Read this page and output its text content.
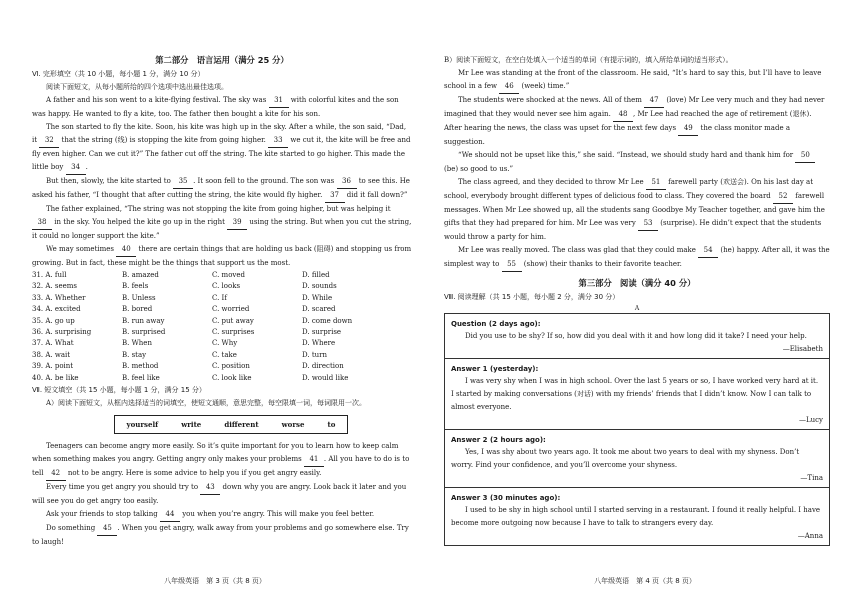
第二部分　语言运用（满分 25 分）

Ⅵ. 完形填空（共 10 小题，每小题 1 分，满分 10 分）

阅读下面短文，从每小题所给的四个选项中选出最佳选项。

A father and his son went to a kite-flying festival. The sky was 31 with colorful kites and the son was happy. He wanted to fly a kite, too. The father then bought a kite for his son.

The son started to fly the kite. Soon, his kite was high up in the sky. After a while, the son said, “Dad, it 32 that the string (线) is stopping the kite from going higher. 33 we cut it, the kite will be free and fly even higher. Can we cut it?” The father cut off the string. The kite started to go higher. This made the little boy 34 .

But then, slowly, the kite started to 35 . It soon fell to the ground. The son was 36 to see this. He asked his father, “I thought that after cutting the string, the kite would fly higher. 37 did it fall down?”

The father explained, “The string was not stopping the kite from going higher, but was helping it 38 in the sky. You helped the kite go up in the right 39 using the string. But when you cut the string, it could no longer support the kite.”

We may sometimes 40 there are certain things that are holding us back (阻碍) and stopping us from growing. But in fact, these might be the things that support us the most.

31. A. full	B. amazed	C. moved	D. filled
32. A. seems	B. feels	C. looks	D. sounds
33. A. Whether	B. Unless	C. If	D. While
34. A. excited	B. bored	C. worried	D. scared
35. A. go up	B. run away	C. put away	D. come down
36. A. surprising	B. surprised	C. surprises	D. surprise
37. A. What	B. When	C. Why	D. Where
38. A. wait	B. stay	C. take	D. turn
39. A. point	B. method	C. position	D. direction
40. A. be like	B. feel like	C. look like	D. would like

Ⅶ. 短文填空（共 15 小题，每小题 1 分，满分 15 分）

A）阅读下面短文，从框内选择适当的词填空，使短文通顺，意思完整，每空限填一词，每词限用一次。

yourself	write	different	worse	to

Teenagers can become angry more easily. So it’s quite important for you to learn how to keep calm when something makes you angry. Getting angry only makes your problems 41 . All you have to do is to tell 42 not to be angry. Here is some advice to help you if you get angry easily.

Every time you get angry you should try to 43 down why you are angry. Look back it later and you will see you do get angry too easily.

Ask your friends to stop talking 44 you when you’re angry. This will make you feel better.

Do something 45 . When you get angry, walk away from your problems and go somewhere else. Try to laugh!

八年级英语　第 3 页（共 8 页）

B）阅读下面短文，在空白处填入一个适当的单词（有提示词的，填入所给单词的适当形式）。

Mr Lee was standing at the front of the classroom. He said, “It’s hard to say this, but I’ll have to leave school in a few 46 (week) time.”

The students were shocked at the news. All of them 47 (love) Mr Lee very much and they had never imagined that they would never see him again. 48 , Mr Lee had reached the age of retirement (退休). After hearing the news, the class was upset for the next few days 49 the class monitor made a suggestion.

“We should not be upset like this,” she said. “Instead, we should study hard and thank him for 50 (be) so good to us.”

The class agreed, and they decided to throw Mr Lee 51 farewell party (欢送会). On his last day at school, everybody brought different types of delicious food to class. They covered the board 52 farewell messages. When Mr Lee showed up, all the students sang Goodbye My Teacher together, and gave him the gifts that they had prepared for him. Mr Lee was very 53 (surprise). He didn’t expect that the students would throw a party for him.

Mr Lee was really moved. The class was glad that they could make 54 (he) happy. After all, it was the simplest way to 55 (show) their thanks to their favorite teacher.

第三部分　阅读（满分 40 分）

Ⅷ. 阅读理解（共 15 小题，每小题 2 分，满分 30 分）

A

Question (2 days ago):

Did you use to be shy? If so, how did you deal with it and how long did it take? I need your help.

—Elisabeth

Answer 1 (yesterday):

I was very shy when I was in high school. Over the last 5 years or so, I have worked very hard at it. I started by making conversations (对话) with my friends’ friends that I didn’t know. Now I can talk to almost everyone.

—Lucy

Answer 2 (2 hours ago):

Yes, I was shy about two years ago. It took me about two years to deal with my shyness. Don’t worry. Find your confidence, and you’ll overcome your shyness.

—Tina

Answer 3 (30 minutes ago):

I used to be shy in high school until I started serving in a restaurant. I found it really helpful. I have become more outgoing now because I have to talk to strangers every day.

—Anna

八年级英语　第 4 页（共 8 页）
